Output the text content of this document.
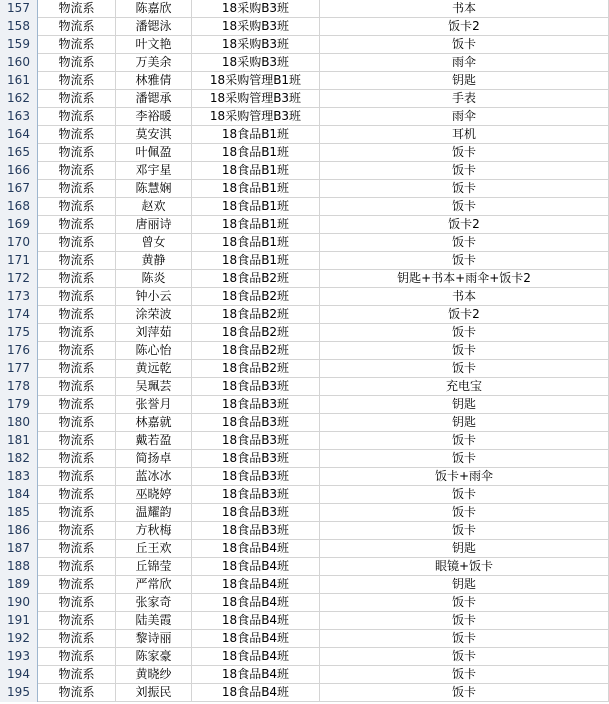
157	物流系	陈嘉欣	18采购B3班	书本
158	物流系	潘锶泳	18采购B3班	饭卡2
159	物流系	叶文艳	18采购B3班	饭卡
160	物流系	万美余	18采购B3班	雨伞
161	物流系	林雅倩	18采购管理B1班	钥匙
162	物流系	潘锶承	18采购管理B3班	手表
163	物流系	李裕暖	18采购管理B3班	雨伞
164	物流系	莫安淇	18食品B1班	耳机
165	物流系	叶佩盈	18食品B1班	饭卡
166	物流系	邓宇星	18食品B1班	饭卡
167	物流系	陈慧娴	18食品B1班	饭卡
168	物流系	赵欢	18食品B1班	饭卡
169	物流系	唐丽诗	18食品B1班	饭卡2
170	物流系	曾女	18食品B1班	饭卡
171	物流系	黄静	18食品B1班	饭卡
172	物流系	陈炎	18食品B2班	钥匙+书本+雨伞+饭卡2
173	物流系	钟小云	18食品B2班	书本
174	物流系	涂荣波	18食品B2班	饭卡2
175	物流系	刘萍茹	18食品B2班	饭卡
176	物流系	陈心怡	18食品B2班	饭卡
177	物流系	黄远乾	18食品B2班	饭卡
178	物流系	吴珮芸	18食品B3班	充电宝
179	物流系	张誉月	18食品B3班	钥匙
180	物流系	林嘉就	18食品B3班	钥匙
181	物流系	戴若盈	18食品B3班	饭卡
182	物流系	简扬卓	18食品B3班	饭卡
183	物流系	蓝冰冰	18食品B3班	饭卡+雨伞
184	物流系	巫晓婷	18食品B3班	饭卡
185	物流系	温耀韵	18食品B3班	饭卡
186	物流系	方秋梅	18食品B3班	饭卡
187	物流系	丘王欢	18食品B4班	钥匙
188	物流系	丘锦莹	18食品B4班	眼镜+饭卡
189	物流系	严常欣	18食品B4班	钥匙
190	物流系	张家奇	18食品B4班	饭卡
191	物流系	陆美霞	18食品B4班	饭卡
192	物流系	黎诗丽	18食品B4班	饭卡
193	物流系	陈家豪	18食品B4班	饭卡
194	物流系	黄晓纱	18食品B4班	饭卡
195	物流系	刘振民	18食品B4班	饭卡
